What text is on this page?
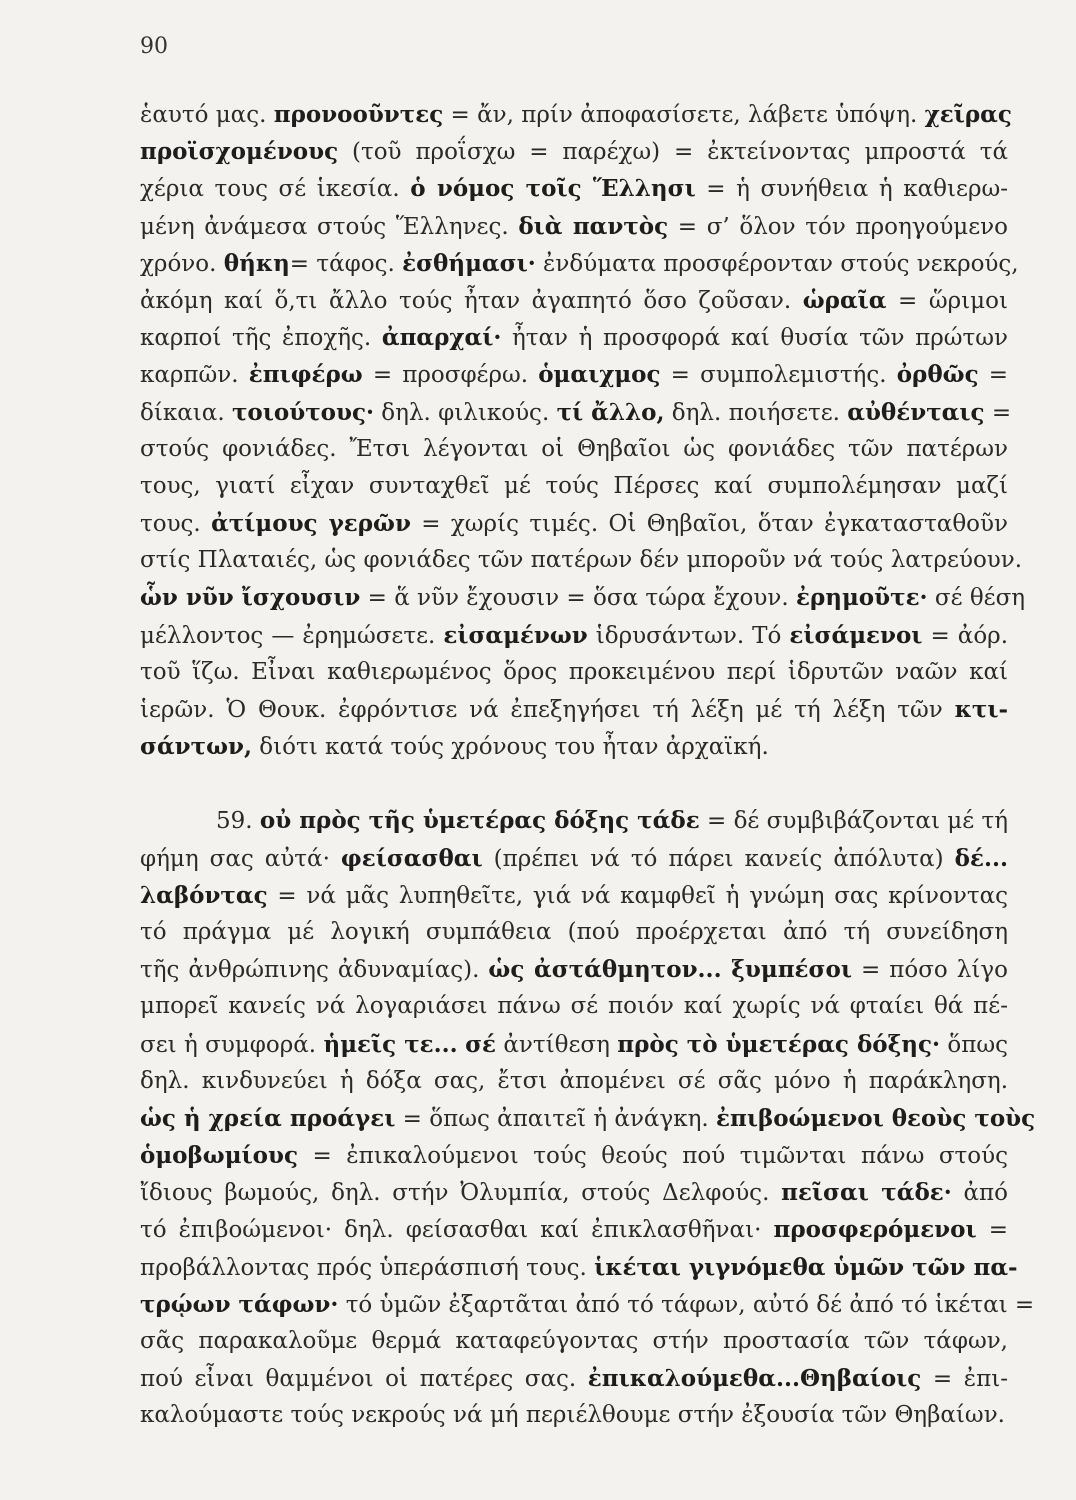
90
ἑαυτό μας. προνοοῦντες = ἄν, πρίν ἀποφασίσετε, λάβετε ὑπόψη. χεῖρας
προϊσχομένους (τοῦ προΐσχω = παρέχω) = ἐκτείνοντας μπροστά τά
χέρια τους σέ ἱκεσία. ὁ νόμος τοῖς Ἕλλησι = ἡ συνήθεια ἡ καθιερω-
μένη ἀνάμεσα στούς Ἕλληνες. διὰ παντὸς = σ’ ὅλον τόν προηγούμενο
χρόνο. θήκη= τάφος. ἐσθήμασι· ἐνδύματα προσφέρονταν στούς νεκρούς,
ἀκόμη καί ὅ,τι ἄλλο τούς ἦταν ἀγαπητό ὅσο ζοῦσαν. ὡραῖα = ὥριμοι
καρποί τῆς ἐποχῆς. ἀπαρχαί· ἦταν ἡ προσφορά καί θυσία τῶν πρώτων
καρπῶν. ἐπιφέρω = προσφέρω. ὁμαιχμος = συμπολεμιστής. ὀρθῶς =
δίκαια. τοιούτους· δηλ. φιλικούς. τί ἄλλο, δηλ. ποιήσετε. αὐθένταις =
στούς φονιάδες. Ἔτσι λέγονται οἱ Θηβαῖοι ὡς φονιάδες τῶν πατέρων
τους, γιατί εἶχαν συνταχθεῖ μέ τούς Πέρσες καί συμπολέμησαν μαζί
τους. ἀτίμους γερῶν = χωρίς τιμές. Οἱ Θηβαῖοι, ὅταν ἐγκατασταθοῦν
στίς Πλαταιές, ὡς φονιάδες τῶν πατέρων δέν μποροῦν νά τούς λατρεύουν.
ὧν νῦν ἴσχουσιν = ἅ νῦν ἔχουσιν = ὅσα τώρα ἔχουν. ἐρημοῦτε· σέ θέση
μέλλοντος — ἐρημώσετε. εἰσαμένων ἱδρυσάντων. Τό εἰσάμενοι = ἀόρ.
τοῦ ἵζω. Εἶναι καθιερωμένος ὅρος προκειμένου περί ἱδρυτῶν ναῶν καί
ἱερῶν. Ὁ Θουκ. ἐφρόντισε νά ἐπεξηγήσει τή λέξη μέ τή λέξη τῶν κτι-
σάντων, διότι κατά τούς χρόνους του ἦταν ἀρχαϊκή.
59. οὐ πρὸς τῆς ὑμετέρας δόξης τάδε = δέ συμβιβάζονται μέ τή
φήμη σας αὐτά· φείσασθαι (πρέπει νά τό πάρει κανείς ἀπόλυτα) δέ...
λαβόντας = νά μᾶς λυπηθεῖτε, γιά νά καμφθεῖ ἡ γνώμη σας κρίνοντας
τό πράγμα μέ λογική συμπάθεια (πού προέρχεται ἀπό τή συνείδηση
τῆς ἀνθρώπινης ἀδυναμίας). ὡς ἀστάθμητον... ξυμπέσοι = πόσο λίγο
μπορεῖ κανείς νά λογαριάσει πάνω σέ ποιόν καί χωρίς νά φταίει θά πέ-
σει ἡ συμφορά. ἡμεῖς τε... σέ ἀντίθεση πρὸς τὸ ὑμετέρας δόξης· ὅπως
δηλ. κινδυνεύει ἡ δόξα σας, ἔτσι ἀπομένει σέ σᾶς μόνο ἡ παράκληση.
ὡς ἡ χρεία προάγει = ὅπως ἀπαιτεῖ ἡ ἀνάγκη. ἐπιβοώμενοι θεοὺς τοὺς
ὁμοβωμίους = ἐπικαλούμενοι τούς θεούς πού τιμῶνται πάνω στούς
ἴδιους βωμούς, δηλ. στήν Ὀλυμπία, στούς Δελφούς. πεῖσαι τάδε· ἀπό
τό ἐπιβοώμενοι· δηλ. φείσασθαι καί ἐπικλασθῆναι· προσφερόμενοι =
προβάλλοντας πρός ὑπεράσπισή τους. ἱκέται γιγνόμεθα ὑμῶν τῶν πα-
τρῴων τάφων· τό ὑμῶν ἐξαρτᾶται ἀπό τό τάφων, αὐτό δέ ἀπό τό ἱκέται =
σᾶς παρακαλοῦμε θερμά καταφεύγοντας στήν προστασία τῶν τάφων,
πού εἶναι θαμμένοι οἱ πατέρες σας. ἐπικαλούμεθα...Θηβαίοις = ἐπι-
καλούμαστε τούς νεκρούς νά μή περιέλθουμε στήν ἐξουσία τῶν Θηβαίων.
